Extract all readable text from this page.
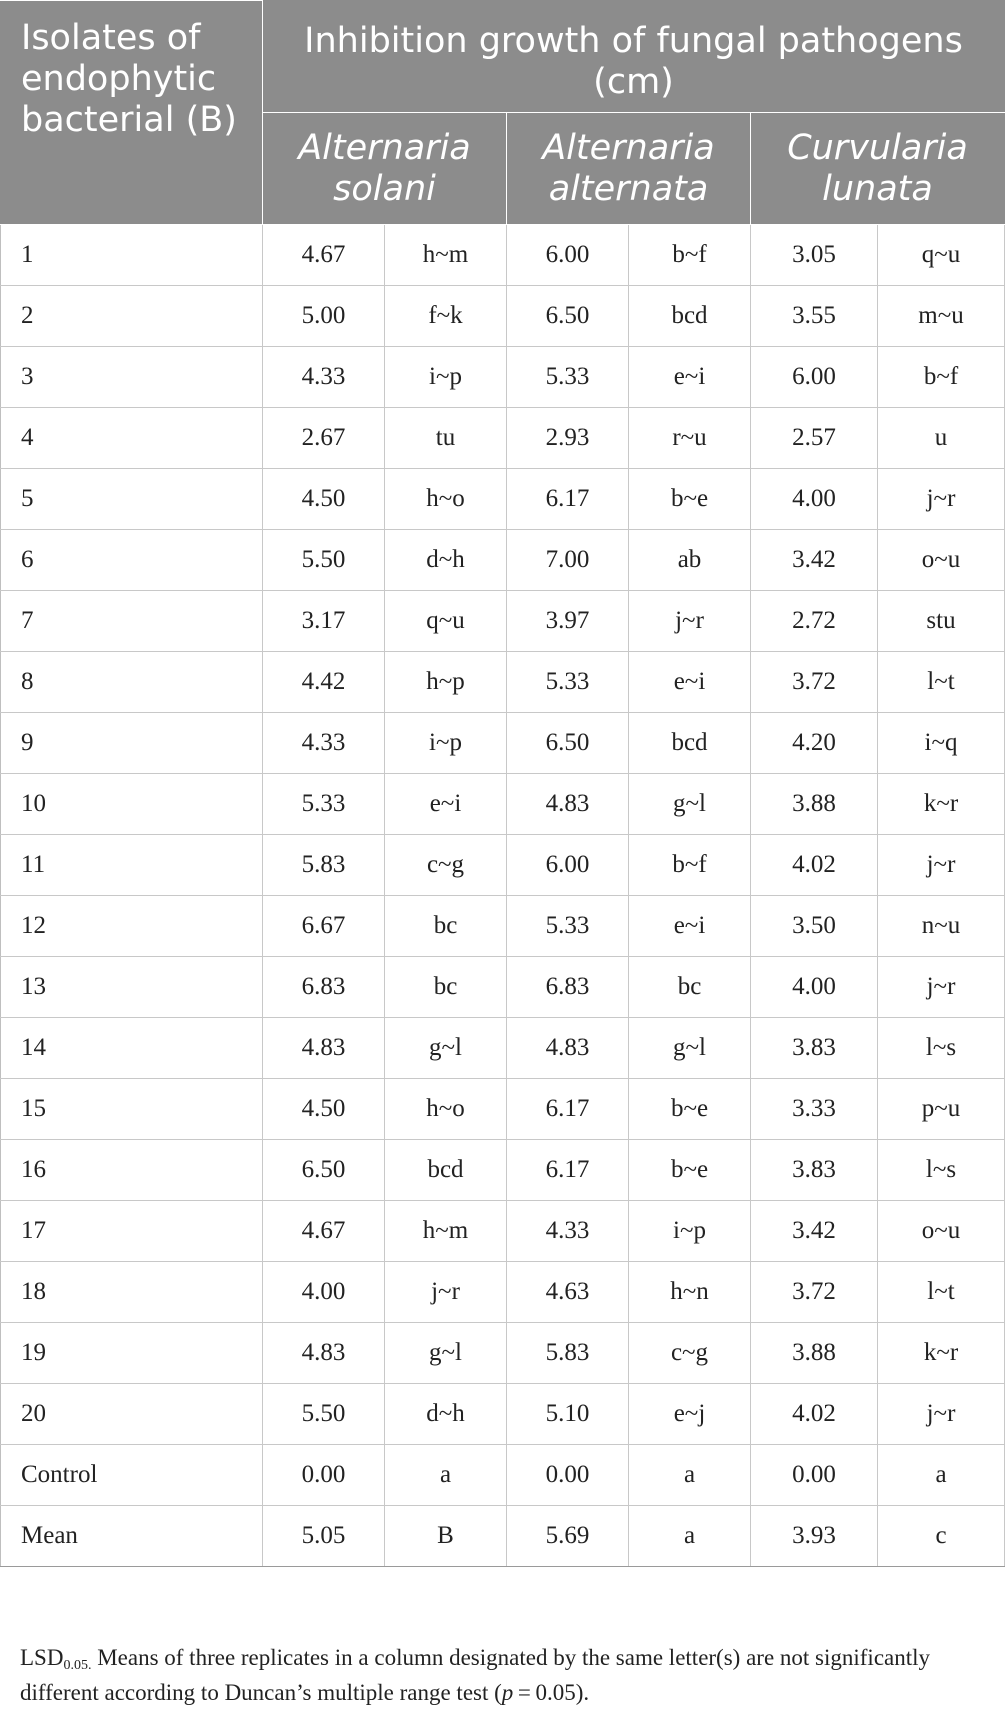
Isolates of endophytic bacterial (B)	Inhibition growth of fungal pathogens (cm)					
	Alternaria solani		Alternaria alternata		Curvularia lunata	
1	4.67	h~m	6.00	b~f	3.05	q~u
2	5.00	f~k	6.50	bcd	3.55	m~u
3	4.33	i~p	5.33	e~i	6.00	b~f
4	2.67	tu	2.93	r~u	2.57	u
5	4.50	h~o	6.17	b~e	4.00	j~r
6	5.50	d~h	7.00	ab	3.42	o~u
7	3.17	q~u	3.97	j~r	2.72	stu
8	4.42	h~p	5.33	e~i	3.72	l~t
9	4.33	i~p	6.50	bcd	4.20	i~q
10	5.33	e~i	4.83	g~l	3.88	k~r
11	5.83	c~g	6.00	b~f	4.02	j~r
12	6.67	bc	5.33	e~i	3.50	n~u
13	6.83	bc	6.83	bc	4.00	j~r
14	4.83	g~l	4.83	g~l	3.83	l~s
15	4.50	h~o	6.17	b~e	3.33	p~u
16	6.50	bcd	6.17	b~e	3.83	l~s
17	4.67	h~m	4.33	i~p	3.42	o~u
18	4.00	j~r	4.63	h~n	3.72	l~t
19	4.83	g~l	5.83	c~g	3.88	k~r
20	5.50	d~h	5.10	e~j	4.02	j~r
Control	0.00	a	0.00	a	0.00	a
Mean	5.05	B	5.69	a	3.93	c
$LSD_{0.05.}$ Means of three replicates in a column designated by the same letter(s) are not significantly different according to Duncan’s multiple range test (p = 0.05).
